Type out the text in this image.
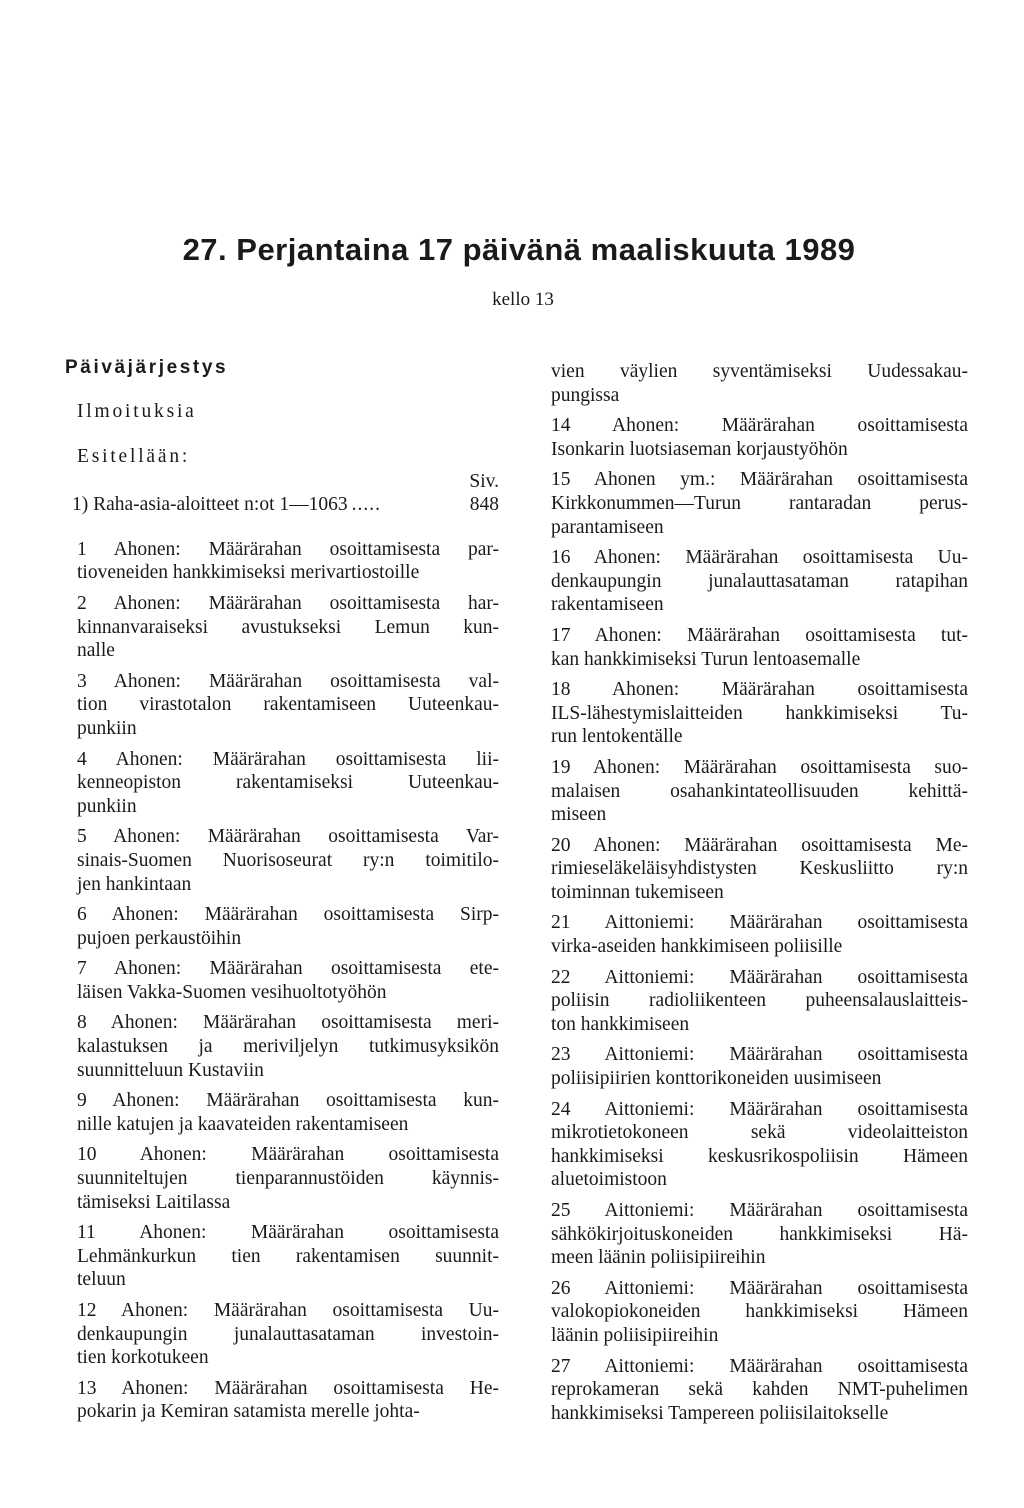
27. Perjantaina 17 päivänä maaliskuuta 1989
kello 13
Päiväjärjestys
Ilmoituksia
Esitellään:
Siv.
1) Raha-asia-aloitteet n:ot 1—1063 .....	848
1 Ahonen: Määrärahan osoittamisesta par-
tioveneiden hankkimiseksi merivartiostoille
2 Ahonen: Määrärahan osoittamisesta har-
kinnanvaraiseksi avustukseksi Lemun kun-
nalle
3 Ahonen: Määrärahan osoittamisesta val-
tion virastotalon rakentamiseen Uuteenkau-
punkiin
4 Ahonen: Määrärahan osoittamisesta lii-
kenneopiston rakentamiseksi Uuteenkau-
punkiin
5 Ahonen: Määrärahan osoittamisesta Var-
sinais-Suomen Nuorisoseurat ry:n toimitilo-
jen hankintaan
6 Ahonen: Määrärahan osoittamisesta Sirp-
pujoen perkaustöihin
7 Ahonen: Määrärahan osoittamisesta ete-
läisen Vakka-Suomen vesihuoltotyöhön
8 Ahonen: Määrärahan osoittamisesta meri-
kalastuksen ja meriviljelyn tutkimusyksikön
suunnitteluun Kustaviin
9 Ahonen: Määrärahan osoittamisesta kun-
nille katujen ja kaavateiden rakentamiseen
10 Ahonen: Määrärahan osoittamisesta
suunniteltujen tienparannustöiden käynnis-
tämiseksi Laitilassa
11 Ahonen: Määrärahan osoittamisesta
Lehmänkurkun tien rakentamisen suunnit-
teluun
12 Ahonen: Määrärahan osoittamisesta Uu-
denkaupungin junalauttasataman investoin-
tien korkotukeen
13 Ahonen: Määrärahan osoittamisesta He-
pokarin ja Kemiran satamista merelle johta-
vien väylien syventämiseksi Uudessakau-
pungissa
14 Ahonen: Määrärahan osoittamisesta
Isonkarin luotsiaseman korjaustyöhön
15 Ahonen ym.: Määrärahan osoittamisesta
Kirkkonummen—Turun rantaradan perus-
parantamiseen
16 Ahonen: Määrärahan osoittamisesta Uu-
denkaupungin junalauttasataman ratapihan
rakentamiseen
17 Ahonen: Määrärahan osoittamisesta tut-
kan hankkimiseksi Turun lentoasemalle
18 Ahonen: Määrärahan osoittamisesta
ILS-lähestymislaitteiden hankkimiseksi Tu-
run lentokentälle
19 Ahonen: Määrärahan osoittamisesta suo-
malaisen osahankintateollisuuden kehittä-
miseen
20 Ahonen: Määrärahan osoittamisesta Me-
rimieseläkeläisyhdistysten Keskusliitto ry:n
toiminnan tukemiseen
21 Aittoniemi: Määrärahan osoittamisesta
virka-aseiden hankkimiseen poliisille
22 Aittoniemi: Määrärahan osoittamisesta
poliisin radioliikenteen puheensalauslaitteis-
ton hankkimiseen
23 Aittoniemi: Määrärahan osoittamisesta
poliisipiirien konttorikoneiden uusimiseen
24 Aittoniemi: Määrärahan osoittamisesta
mikrotietokoneen sekä videolaitteiston
hankkimiseksi keskusrikospoliisin Hämeen
aluetoimistoon
25 Aittoniemi: Määrärahan osoittamisesta
sähkökirjoituskoneiden hankkimiseksi Hä-
meen läänin poliisipiireihin
26 Aittoniemi: Määrärahan osoittamisesta
valokopiokoneiden hankkimiseksi Hämeen
läänin poliisipiireihin
27 Aittoniemi: Määrärahan osoittamisesta
reprokameran sekä kahden NMT-puhelimen
hankkimiseksi Tampereen poliisilaitokselle
